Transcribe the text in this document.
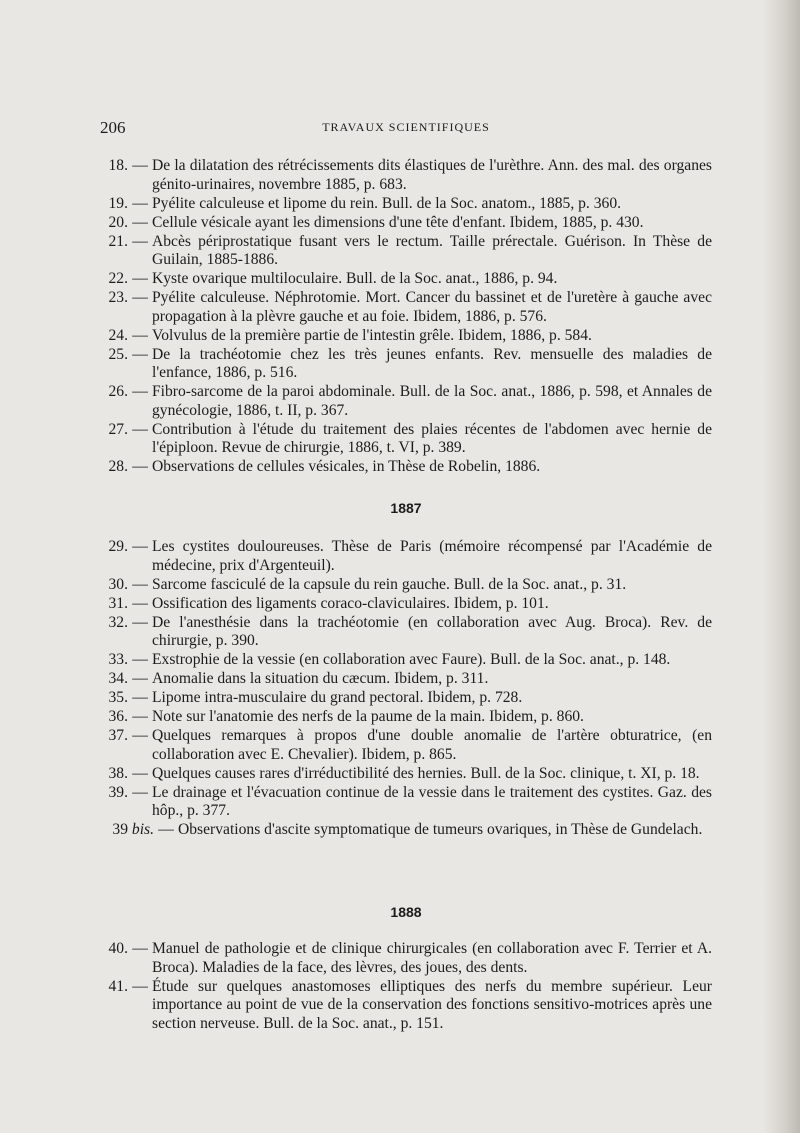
206	TRAVAUX SCIENTIFIQUES

18. — De la dilatation des rétrécissements dits élastiques de l'urèthre. Ann. des mal. des organes génito-urinaires, novembre 1885, p. 683.

19. — Pyélite calculeuse et lipome du rein. Bull. de la Soc. anatom., 1885, p. 360.

20. — Cellule vésicale ayant les dimensions d'une tête d'enfant. Ibidem, 1885, p. 430.

21. — Abcès périprostatique fusant vers le rectum. Taille prérectale. Guérison. In Thèse de Guilain, 1885-1886.

22. — Kyste ovarique multiloculaire. Bull. de la Soc. anat., 1886, p. 94.

23. — Pyélite calculeuse. Néphrotomie. Mort. Cancer du bassinet et de l'uretère à gauche avec propagation à la plèvre gauche et au foie. Ibidem, 1886, p. 576.

24. — Volvulus de la première partie de l'intestin grêle. Ibidem, 1886, p. 584.

25. — De la trachéotomie chez les très jeunes enfants. Rev. mensuelle des maladies de l'enfance, 1886, p. 516.

26. — Fibro-sarcome de la paroi abdominale. Bull. de la Soc. anat., 1886, p. 598, et Annales de gynécologie, 1886, t. II, p. 367.

27. — Contribution à l'étude du traitement des plaies récentes de l'abdomen avec hernie de l'épiploon. Revue de chirurgie, 1886, t. VI, p. 389.

28. — Observations de cellules vésicales, in Thèse de Robelin, 1886.

1887

29. — Les cystites douloureuses. Thèse de Paris (mémoire récompensé par l'Académie de médecine, prix d'Argenteuil).

30. — Sarcome fasciculé de la capsule du rein gauche. Bull. de la Soc. anat., p. 31.

31. — Ossification des ligaments coraco-claviculaires. Ibidem, p. 101.

32. — De l'anesthésie dans la trachéotomie (en collaboration avec Aug. Broca). Rev. de chirurgie, p. 390.

33. — Exstrophie de la vessie (en collaboration avec Faure). Bull. de la Soc. anat., p. 148.

34. — Anomalie dans la situation du cæcum. Ibidem, p. 311.

35. — Lipome intra-musculaire du grand pectoral. Ibidem, p. 728.

36. — Note sur l'anatomie des nerfs de la paume de la main. Ibidem, p. 860.

37. — Quelques remarques à propos d'une double anomalie de l'artère obturatrice, (en collaboration avec E. Chevalier). Ibidem, p. 865.

38. — Quelques causes rares d'irréductibilité des hernies. Bull. de la Soc. clinique, t. XI, p. 18.

39. — Le drainage et l'évacuation continue de la vessie dans le traitement des cystites. Gaz. des hôp., p. 377.

39 bis. — Observations d'ascite symptomatique de tumeurs ovariques, in Thèse de Gundelach.

1888

40. — Manuel de pathologie et de clinique chirurgicales (en collaboration avec F. Terrier et A. Broca). Maladies de la face, des lèvres, des joues, des dents.

41. — Étude sur quelques anastomoses elliptiques des nerfs du membre supérieur. Leur importance au point de vue de la conservation des fonctions sensitivo-motrices après une section nerveuse. Bull. de la Soc. anat., p. 151.
